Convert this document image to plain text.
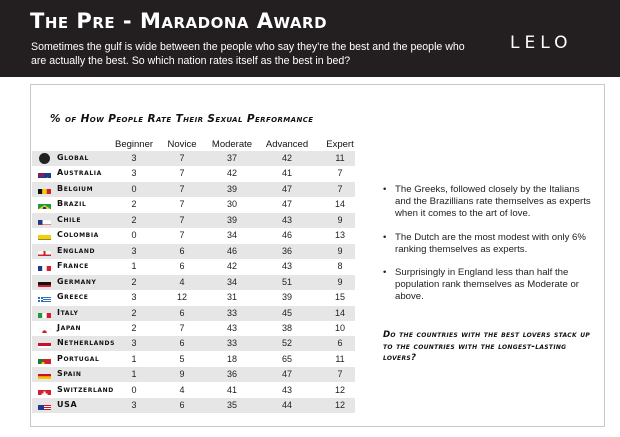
The Pre - Maradona Award
Sometimes the gulf is wide between the people who say they're the best and the people who are actually the best. So which nation rates itself as the best in bed?
LELO
% of How People Rate Their Sexual Performance
Beginner	Novice	Moderate	Advanced	Expert
Global	3	7	37	42	11
Australia	3	7	42	41	7
Belgium	0	7	39	47	7
Brazil	2	7	30	47	14
Chile	2	7	39	43	9
Colombia	0	7	34	46	13
England	3	6	46	36	9
France	1	6	42	43	8
Germany	2	4	34	51	9
Greece	3	12	31	39	15
Italy	2	6	33	45	14
Japan	2	7	43	38	10
Netherlands	3	6	33	52	6
Portugal	1	5	18	65	11
Spain	1	9	36	47	7
Switzerland	0	4	41	43	12
USA	3	6	35	44	12
• The Greeks, followed closely by the Italians and the Brazillians rate themselves as experts when it comes to the art of love.
• The Dutch are the most modest with only 6% ranking themselves as experts.
• Surprisingly in England less than half the population rank themselves as Moderate or above.
Do the countries with the best lovers stack up to the countries with the longest-lasting lovers?
